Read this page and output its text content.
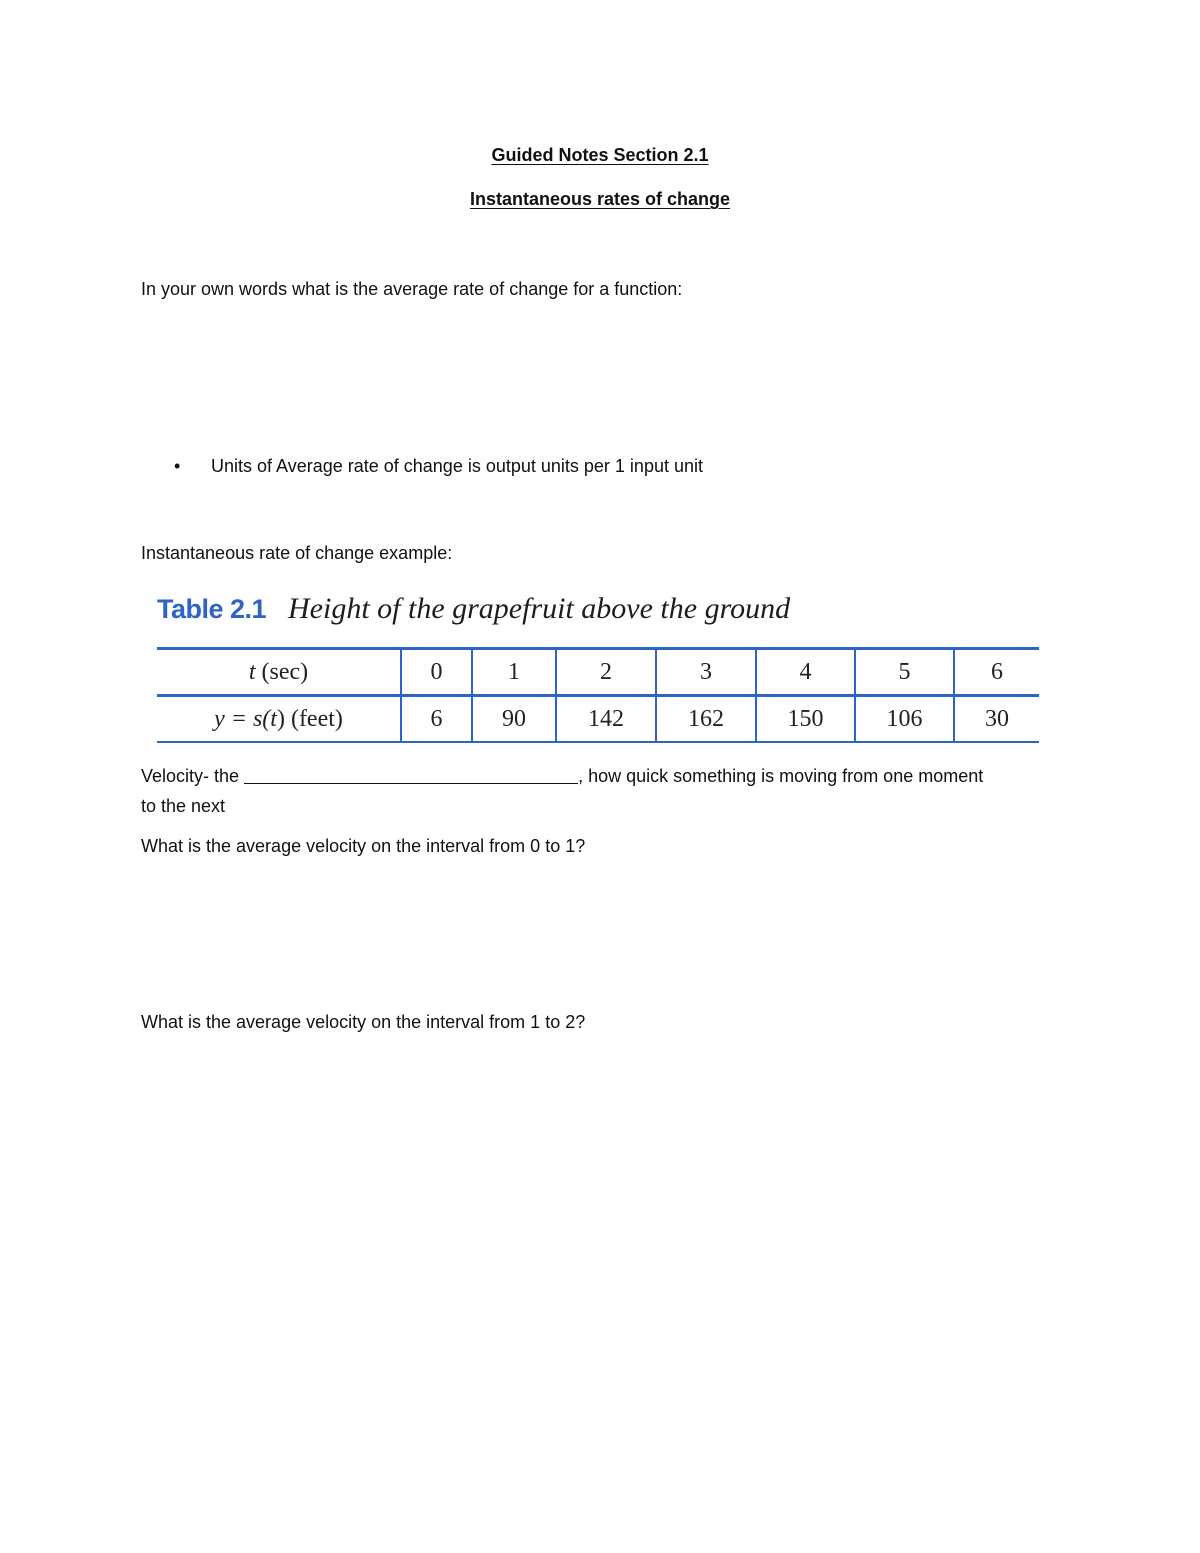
Guided Notes Section 2.1
Instantaneous rates of change
In your own words what is the average rate of change for a function:
• Units of Average rate of change is output units per 1 input unit
Instantaneous rate of change example:
Table 2.1 Height of the grapefruit above the ground
t (sec)	0	1	2	3	4	5	6
y = s(t) (feet)	6	90	142	162	150	106	30
Velocity- the	, how quick something is moving from one moment
to the next
What is the average velocity on the interval from 0 to 1?
What is the average velocity on the interval from 1 to 2?
